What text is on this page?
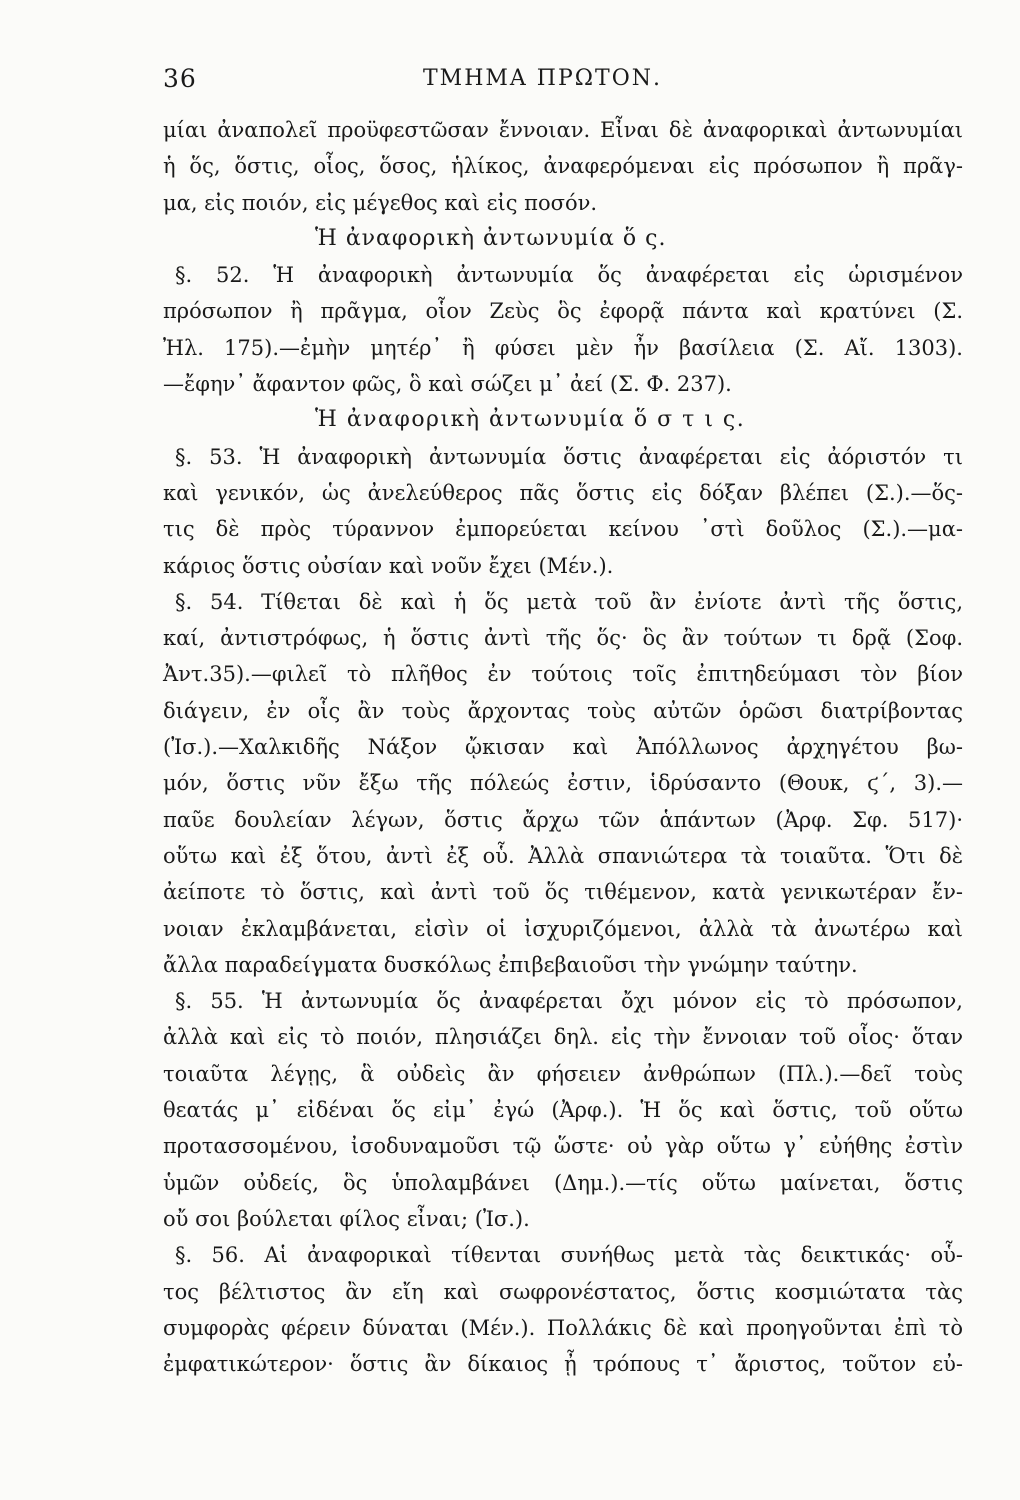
36	ΤΜΗΜΑ ΠΡΩΤΟΝ.
μίαι ἀναπολεῖ προϋφεστῶσαν ἔννοιαν. Εἶναι δὲ ἀναφορικαὶ ἀντωνυμίαι
ἡ ὅς, ὅστις, οἷος, ὅσος, ἡλίκος, ἀναφερόμεναι εἰς πρόσωπον ἢ πρᾶγ-
μα, εἰς ποιόν, εἰς μέγεθος καὶ εἰς ποσόν.
Ἡ ἀναφορικὴ ἀντωνυμία ὅ ς.
§. 52. Ἡ ἀναφορικὴ ἀντωνυμία ὅς ἀναφέρεται εἰς ὡρισμένον
πρόσωπον ἢ πρᾶγμα, οἷον Ζεὺς ὃς ἐφορᾷ πάντα καὶ κρατύνει (Σ.
Ἠλ. 175).—ἐμὴν μητέρ᾽ ἢ φύσει μὲν ἦν βασίλεια (Σ. Αἴ. 1303).
—ἔφην᾽ ἄφαντον φῶς, ὃ καὶ σώζει μ᾽ ἀεί (Σ. Φ. 237).
Ἡ ἀναφορικὴ ἀντωνυμία ὅ σ τ ι ς.
§. 53. Ἡ ἀναφορικὴ ἀντωνυμία ὅστις ἀναφέρεται εἰς ἀόριστόν τι
καὶ γενικόν, ὡς ἀνελεύθερος πᾶς ὅστις εἰς δόξαν βλέπει (Σ.).—ὅς-
τις δὲ πρὸς τύραννον ἐμπορεύεται κείνου ᾽στὶ δοῦλος (Σ.).—μα-
κάριος ὅστις οὐσίαν καὶ νοῦν ἔχει (Μέν.).
§. 54. Τίθεται δὲ καὶ ἡ ὅς μετὰ τοῦ ἂν ἐνίοτε ἀντὶ τῆς ὅστις,
καί, ἀντιστρόφως, ἡ ὅστις ἀντὶ τῆς ὅς· ὃς ἂν τούτων τι δρᾷ (Σοφ.
Ἀντ.35).—φιλεῖ τὸ πλῆθος ἐν τούτοις τοῖς ἐπιτηδεύμασι τὸν βίον
διάγειν, ἐν οἷς ἂν τοὺς ἄρχοντας τοὺς αὐτῶν ὁρῶσι διατρίβοντας
(Ἰσ.).—Χαλκιδῆς Νάξον ᾤκισαν καὶ Ἀπόλλωνος ἀρχηγέτου βω-
μόν, ὅστις νῦν ἔξω τῆς πόλεώς ἐστιν, ἱδρύσαντο (Θουκ, ϛ΄, 3).—
παῦε δουλείαν λέγων, ὅστις ἄρχω τῶν ἁπάντων (Ἀρφ. Σφ. 517)·
οὕτω καὶ ἐξ ὅτου, ἀντὶ ἐξ οὗ. Ἀλλὰ σπανιώτερα τὰ τοιαῦτα. Ὅτι δὲ
ἀείποτε τὸ ὅστις, καὶ ἀντὶ τοῦ ὅς τιθέμενον, κατὰ γενικωτέραν ἔν-
νοιαν ἐκλαμβάνεται, εἰσὶν οἱ ἰσχυριζόμενοι, ἀλλὰ τὰ ἀνωτέρω καὶ
ἄλλα παραδείγματα δυσκόλως ἐπιβεβαιοῦσι τὴν γνώμην ταύτην.
§. 55. Ἡ ἀντωνυμία ὅς ἀναφέρεται ὄχι μόνον εἰς τὸ πρόσωπον,
ἀλλὰ καὶ εἰς τὸ ποιόν, πλησιάζει δηλ. εἰς τὴν ἔννοιαν τοῦ οἷος· ὅταν
τοιαῦτα λέγῃς, ἃ οὐδεὶς ἂν φήσειεν ἀνθρώπων (Πλ.).—δεῖ τοὺς
θεατάς μ᾽ εἰδέναι ὅς εἰμ᾽ ἐγώ (Ἀρφ.). Ἡ ὅς καὶ ὅστις, τοῦ οὕτω
προτασσομένου, ἰσοδυναμοῦσι τῷ ὥστε· οὐ γὰρ οὕτω γ᾽ εὐήθης ἐστὶν
ὑμῶν οὐδείς, ὃς ὑπολαμβάνει (Δημ.).—τίς οὕτω μαίνεται, ὅστις
οὔ σοι βούλεται φίλος εἶναι; (Ἰσ.).
§. 56. Αἱ ἀναφορικαὶ τίθενται συνήθως μετὰ τὰς δεικτικάς· οὗ-
τος βέλτιστος ἂν εἴη καὶ σωφρονέστατος, ὅστις κοσμιώτατα τὰς
συμφορὰς φέρειν δύναται (Μέν.). Πολλάκις δὲ καὶ προηγοῦνται ἐπὶ τὸ
ἐμφατικώτερον· ὅστις ἂν δίκαιος ᾖ τρόπους τ᾽ ἄριστος, τοῦτον εὐ-
